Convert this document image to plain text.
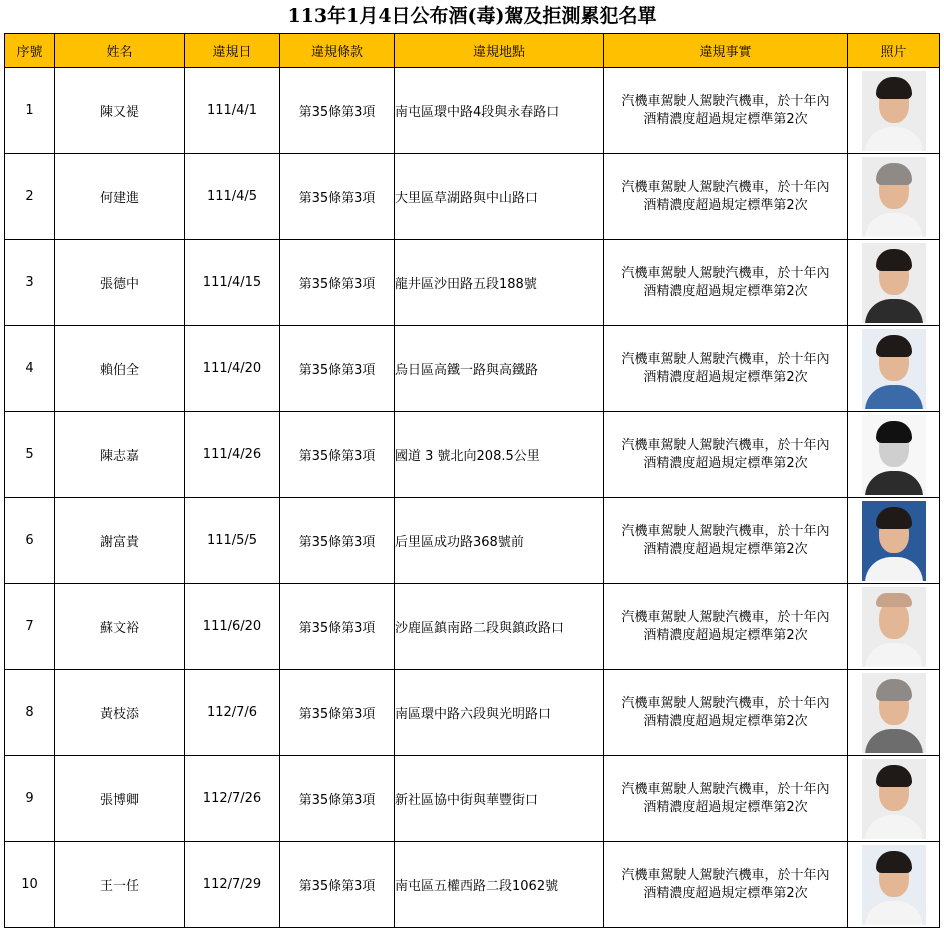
113年1月4日公布酒(毒)駕及拒測累犯名單
序號	姓名	違規日	違規條款	違規地點	違規事實	照片
1	陳又褆	111/4/1	第35條第3項	南屯區環中路4段與永春路口	汽機車駕駛人駕駛汽機車，於十年內
酒精濃度超過規定標準第2次	

2	何建進	111/4/5	第35條第3項	大里區草湖路與中山路口	汽機車駕駛人駕駛汽機車，於十年內
酒精濃度超過規定標準第2次	

3	張德中	111/4/15	第35條第3項	龍井區沙田路五段188號	汽機車駕駛人駕駛汽機車，於十年內
酒精濃度超過規定標準第2次	

4	賴伯全	111/4/20	第35條第3項	烏日區高鐵一路與高鐵路	汽機車駕駛人駕駛汽機車，於十年內
酒精濃度超過規定標準第2次	

5	陳志嘉	111/4/26	第35條第3項	國道 3 號北向208.5公里	汽機車駕駛人駕駛汽機車，於十年內
酒精濃度超過規定標準第2次	

6	謝富貴	111/5/5	第35條第3項	后里區成功路368號前	汽機車駕駛人駕駛汽機車，於十年內
酒精濃度超過規定標準第2次	

7	蘇文裕	111/6/20	第35條第3項	沙鹿區鎮南路二段與鎮政路口	汽機車駕駛人駕駛汽機車，於十年內
酒精濃度超過規定標準第2次	

8	黃枝添	112/7/6	第35條第3項	南區環中路六段與光明路口	汽機車駕駛人駕駛汽機車，於十年內
酒精濃度超過規定標準第2次	

9	張博卿	112/7/26	第35條第3項	新社區協中街與華豐街口	汽機車駕駛人駕駛汽機車，於十年內
酒精濃度超過規定標準第2次	

10	王一任	112/7/29	第35條第3項	南屯區五權西路二段1062號	汽機車駕駛人駕駛汽機車，於十年內
酒精濃度超過規定標準第2次	
